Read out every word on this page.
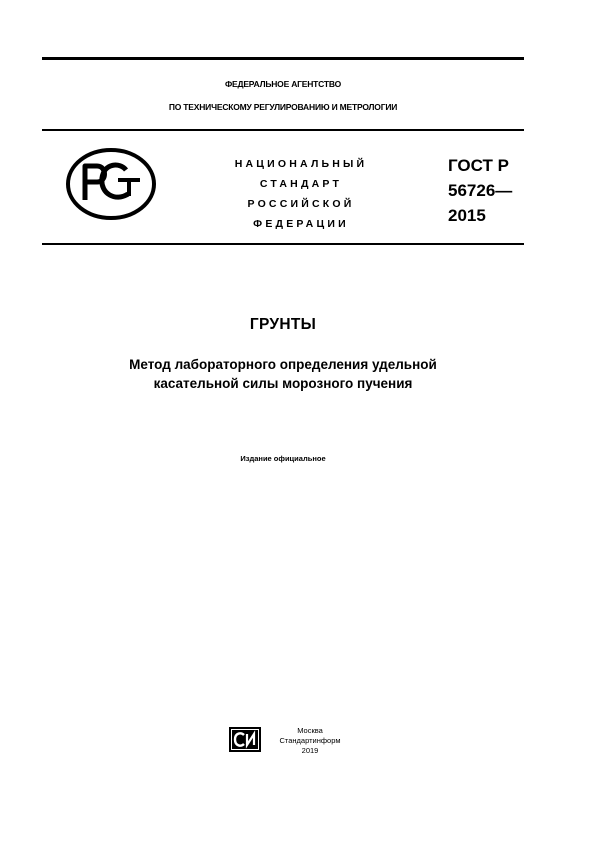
ФЕДЕРАЛЬНОЕ АГЕНТСТВО
ПО ТЕХНИЧЕСКОМУ РЕГУЛИРОВАНИЮ И МЕТРОЛОГИИ
НАЦИОНАЛЬНЫЙ
СТАНДАРТ
РОССИЙСКОЙ
ФЕДЕРАЦИИ
ГОСТ Р
56726—
2015
ГРУНТЫ
Метод лабораторного определения удельной
касательной силы морозного пучения
Издание официальное
Москва
Стандартинформ
2019
